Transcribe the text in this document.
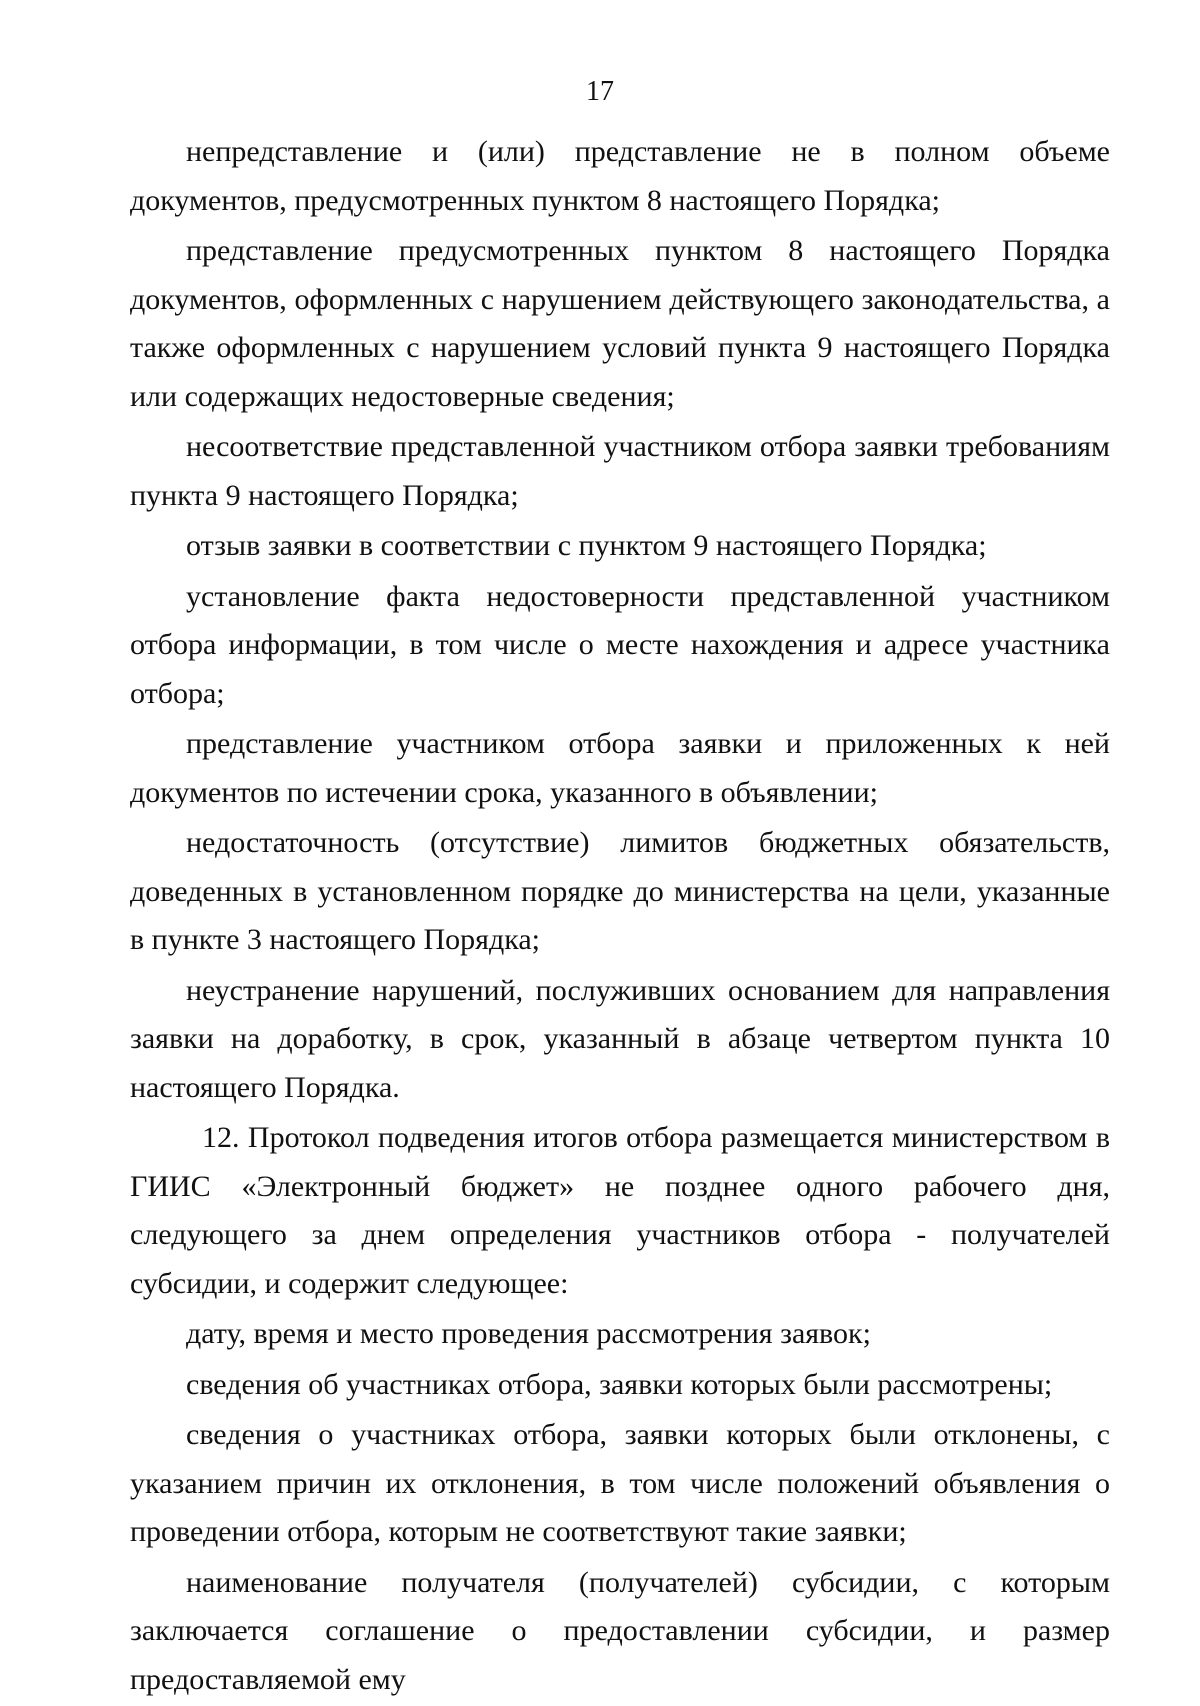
17

непредставление и (или) представление не в полном объеме документов, предусмотренных пунктом 8 настоящего Порядка;

представление предусмотренных пунктом 8 настоящего Порядка документов, оформленных с нарушением действующего законодательства, а также оформленных с нарушением условий пункта 9 настоящего Порядка или содержащих недостоверные сведения;

несоответствие представленной участником отбора заявки требованиям пункта 9 настоящего Порядка;

отзыв заявки в соответствии с пунктом 9 настоящего Порядка;

установление факта недостоверности представленной участником отбора информации, в том числе о месте нахождения и адресе участника отбора;

представление участником отбора заявки и приложенных к ней документов по истечении срока, указанного в объявлении;

недостаточность (отсутствие) лимитов бюджетных обязательств, доведенных в установленном порядке до министерства на цели, указанные в пункте 3 настоящего Порядка;

неустранение нарушений, послуживших основанием для направления заявки на доработку, в срок, указанный в абзаце четвертом пункта 10 настоящего Порядка.

12. Протокол подведения итогов отбора размещается министерством в ГИИС «Электронный бюджет» не позднее одного рабочего дня, следующего за днем определения участников отбора - получателей субсидии, и содержит следующее:

дату, время и место проведения рассмотрения заявок;

сведения об участниках отбора, заявки которых были рассмотрены;

сведения о участниках отбора, заявки которых были отклонены, с указанием причин их отклонения, в том числе положений объявления о проведении отбора, которым не соответствуют такие заявки;

наименование получателя (получателей) субсидии, с которым заключается соглашение о предоставлении субсидии, и размер предоставляемой ему
